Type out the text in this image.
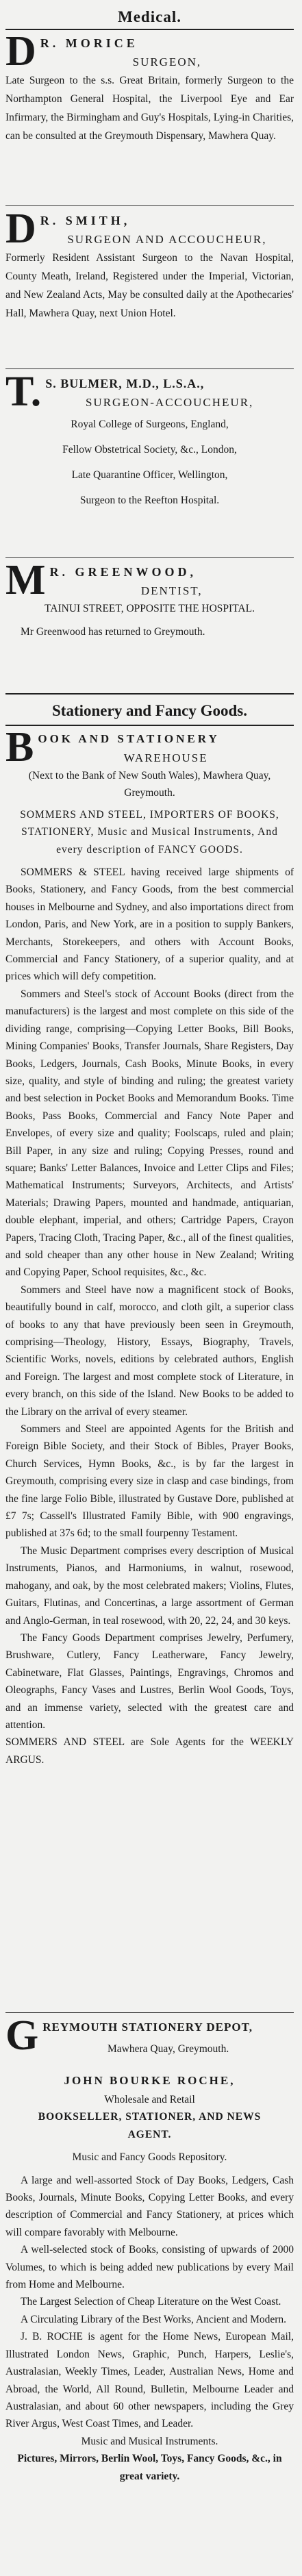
Medical.
D R. MORICE
SURGEON,

Late Surgeon to the s.s. Great Britain, formerly Surgeon to the Northampton General Hospital, the Liverpool Eye and Ear Infirmary, the Birmingham and Guy's Hospitals, Lying-in Charities, can be consulted at the Greymouth Dispensary, Mawhera Quay.

D R. SMITH,
SURGEON AND ACCOUCHEUR,

Formerly Resident Assistant Surgeon to the Navan Hospital, County Meath, Ireland, Registered under the Imperial, Victorian, and New Zealand Acts, May be consulted daily at the Apothecaries' Hall, Mawhera Quay, next Union Hotel.

T. S. BULMER, M.D., L.S.A.,
SURGEON-ACCOUCHEUR,

Royal College of Surgeons, England,

Fellow Obstetrical Society, &c., London,

Late Quarantine Officer, Wellington,

Surgeon to the Reefton Hospital.

M R. GREENWOOD,
DENTIST,

TAINUI STREET, OPPOSITE THE HOSPITAL.

Mr Greenwood has returned to Greymouth.

Stationery and Fancy Goods.
B OOK AND STATIONERY
WAREHOUSE

(Next to the Bank of New South Wales), Mawhera Quay, Greymouth.

SOMMERS AND STEEL, IMPORTERS OF BOOKS, STATIONERY, Music and Musical Instruments, And every description of FANCY GOODS.

SOMMERS & STEEL having received large shipments of Books, Stationery, and Fancy Goods, from the best commercial houses in Melbourne and Sydney, and also importations direct from London, Paris, and New York, are in a position to supply Bankers, Merchants, Storekeepers, and others with Account Books, Commercial and Fancy Stationery, of a superior quality, and at prices which will defy competition.

Sommers and Steel's stock of Account Books (direct from the manufacturers) is the largest and most complete on this side of the dividing range, comprising—Copying Letter Books, Bill Books, Mining Companies' Books, Transfer Journals, Share Registers, Day Books, Ledgers, Journals, Cash Books, Minute Books, in every size, quality, and style of binding and ruling; the greatest variety and best selection in Pocket Books and Memorandum Books. Time Books, Pass Books, Commercial and Fancy Note Paper and Envelopes, of every size and quality; Foolscaps, ruled and plain; Bill Paper, in any size and ruling; Copying Presses, round and square; Banks' Letter Balances, Invoice and Letter Clips and Files; Mathematical Instruments; Surveyors, Architects, and Artists' Materials; Drawing Papers, mounted and handmade, antiquarian, double elephant, imperial, and others; Cartridge Papers, Crayon Papers, Tracing Cloth, Tracing Paper, &c., all of the finest qualities, and sold cheaper than any other house in New Zealand; Writing and Copying Paper, School requisites, &c., &c.

Sommers and Steel have now a magnificent stock of Books, beautifully bound in calf, morocco, and cloth gilt, a superior class of books to any that have previously been seen in Greymouth, comprising—Theology, History, Essays, Biography, Travels, Scientific Works, novels, editions by celebrated authors, English and Foreign. The largest and most complete stock of Literature, in every branch, on this side of the Island. New Books to be added to the Library on the arrival of every steamer.

Sommers and Steel are appointed Agents for the British and Foreign Bible Society, and their Stock of Bibles, Prayer Books, Church Services, Hymn Books, &c., is by far the largest in Greymouth, comprising every size in clasp and case bindings, from the fine large Folio Bible, illustrated by Gustave Dore, published at £7 7s; Cassell's Illustrated Family Bible, with 900 engravings, published at 37s 6d; to the small fourpenny Testament.

The Music Department comprises every description of Musical Instruments, Pianos, and Harmoniums, in walnut, rosewood, mahogany, and oak, by the most celebrated makers; Violins, Flutes, Guitars, Flutinas, and Concertinas, a large assortment of German and Anglo-German, in teal rosewood, with 20, 22, 24, and 30 keys.

The Fancy Goods Department comprises Jewelry, Perfumery, Brushware, Cutlery, Fancy Leatherware, Fancy Jewelry, Cabinetware, Flat Glasses, Paintings, Engravings, Chromos and Oleographs, Fancy Vases and Lustres, Berlin Wool Goods, Toys, and an immense variety, selected with the greatest care and attention.

SOMMERS AND STEEL are Sole Agents for the WEEKLY ARGUS.

G REYMOUTH STATIONERY DEPOT,

Mawhera Quay, Greymouth.

JOHN BOURKE ROCHE,

Wholesale and Retail

BOOKSELLER, STATIONER, AND NEWS AGENT.

Music and Fancy Goods Repository.

A large and well-assorted Stock of Day Books, Ledgers, Cash Books, Journals, Minute Books, Copying Letter Books, and every description of Commercial and Fancy Stationery, at prices which will compare favorably with Melbourne.

A well-selected stock of Books, consisting of upwards of 2000 Volumes, to which is being added new publications by every Mail from Home and Melbourne.

The Largest Selection of Cheap Literature on the West Coast.

A Circulating Library of the Best Works, Ancient and Modern.

J. B. ROCHE is agent for the Home News, European Mail, Illustrated London News, Graphic, Punch, Harpers, Leslie's, Australasian, Weekly Times, Leader, Australian News, Home and Abroad, the World, All Round, Bulletin, Melbourne Leader and Australasian, and about 60 other newspapers, including the Grey River Argus, West Coast Times, and Leader.

Music and Musical Instruments.

Pictures, Mirrors, Berlin Wool, Toys, Fancy Goods, &c., in great variety.
